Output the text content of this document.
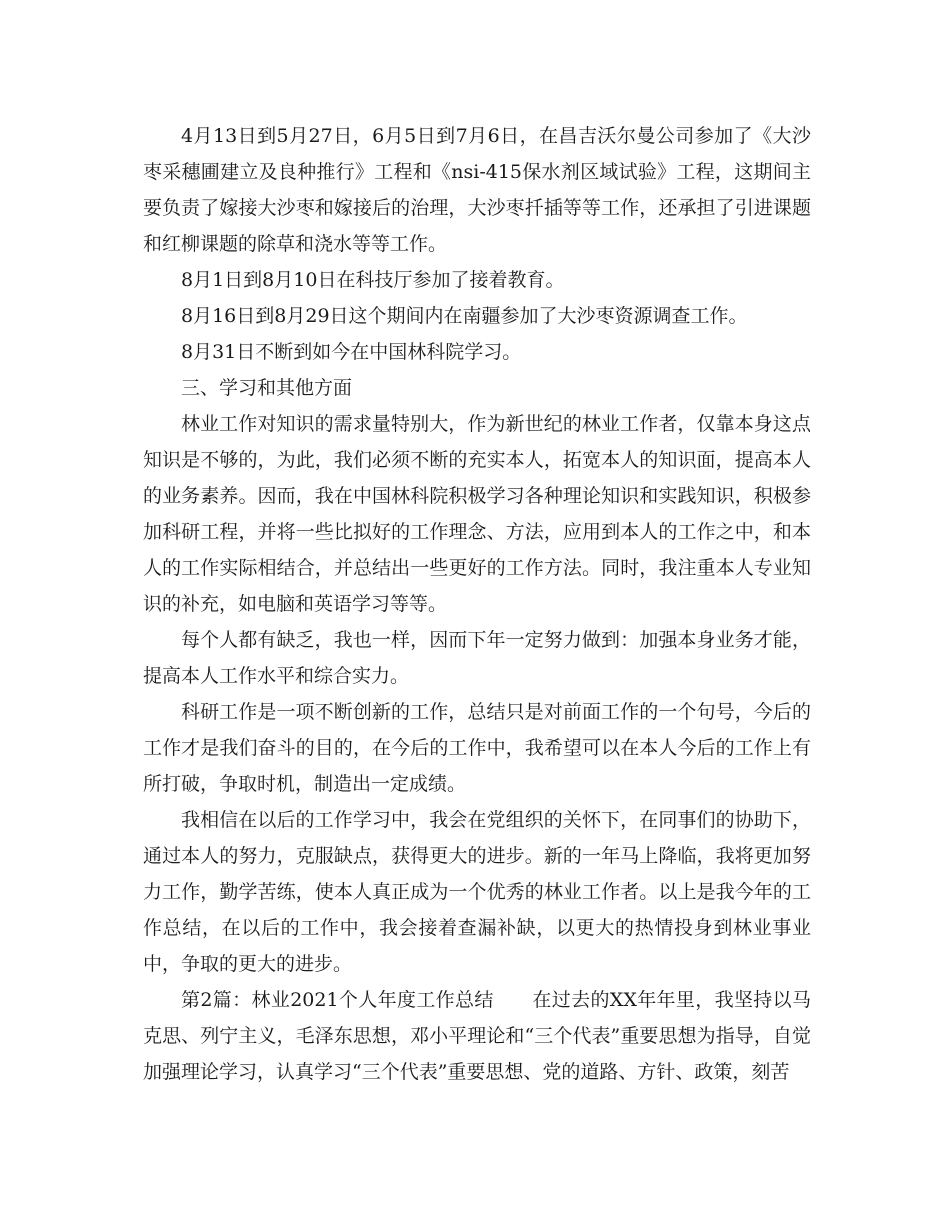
4月13日到5月27日，6月5日到7月6日，在昌吉沃尔曼公司参加了《大沙枣采穗圃建立及良种推行》工程和《nsi-415保水剂区域试验》工程，这期间主要负责了嫁接大沙枣和嫁接后的治理，大沙枣扦插等等工作，还承担了引进课题和红柳课题的除草和浇水等等工作。

8月1日到8月10日在科技厅参加了接着教育。

8月16日到8月29日这个期间内在南疆参加了大沙枣资源调查工作。

8月31日不断到如今在中国林科院学习。

三、学习和其他方面

林业工作对知识的需求量特别大，作为新世纪的林业工作者，仅靠本身这点知识是不够的，为此，我们必须不断的充实本人，拓宽本人的知识面，提高本人的业务素养。因而，我在中国林科院积极学习各种理论知识和实践知识，积极参加科研工程，并将一些比拟好的工作理念、方法，应用到本人的工作之中，和本人的工作实际相结合，并总结出一些更好的工作方法。同时，我注重本人专业知识的补充，如电脑和英语学习等等。

每个人都有缺乏，我也一样，因而下年一定努力做到：加强本身业务才能，提高本人工作水平和综合实力。

科研工作是一项不断创新的工作，总结只是对前面工作的一个句号，今后的工作才是我们奋斗的目的，在今后的工作中，我希望可以在本人今后的工作上有所打破，争取时机，制造出一定成绩。

我相信在以后的工作学习中，我会在党组织的关怀下，在同事们的协助下，通过本人的努力，克服缺点，获得更大的进步。新的一年马上降临，我将更加努力工作，勤学苦练，使本人真正成为一个优秀的林业工作者。以上是我今年的工作总结，在以后的工作中，我会接着查漏补缺，以更大的热情投身到林业事业中，争取的更大的进步。

第2篇：林业2021个人年度工作总结　　在过去的XX年年里，我坚持以马克思、列宁主义，毛泽东思想，邓小平理论和“三个代表”重要思想为指导，自觉加强理论学习，认真学习“三个代表”重要思想、党的道路、方针、政策，刻苦
